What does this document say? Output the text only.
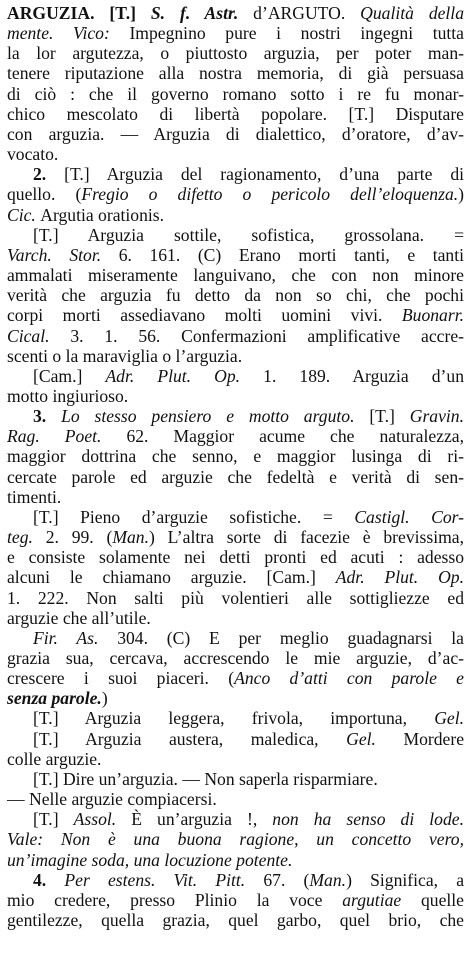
ARGUZIA. [T.] S. f. Astr. d’ARGUTO. Qualità della
mente. Vico: Impegnino pure i nostri ingegni tutta
la lor argutezza, o piuttosto arguzia, per poter man-
tenere riputazione alla nostra memoria, di già persuasa
di ciò : che il governo romano sotto i re fu monar-
chico mescolato di libertà popolare. [T.] Disputare
con arguzia. — Arguzia di dialettico, d’oratore, d’av-
vocato.
2. [T.] Arguzia del ragionamento, d’una parte di
quello. (Fregio o difetto o pericolo dell’eloquenza.)
Cic. Argutia orationis.
[T.] Arguzia sottile, sofistica, grossolana. =
Varch. Stor. 6. 161. (C) Erano morti tanti, e tanti
ammalati miseramente languivano, che con non minore
verità che arguzia fu detto da non so chi, che pochi
corpi morti assediavano molti uomini vivi. Buonarr.
Cical. 3. 1. 56. Confermazioni amplificative accre-
scenti o la maraviglia o l’arguzia.
[Cam.] Adr. Plut. Op. 1. 189. Arguzia d’un
motto ingiurioso.
3. Lo stesso pensiero e motto arguto. [T.] Gravin.
Rag. Poet. 62. Maggior acume che naturalezza,
maggior dottrina che senno, e maggior lusinga di ri-
cercate parole ed arguzie che fedeltà e verità di sen-
timenti.
[T.] Pieno d’arguzie sofistiche. = Castigl. Cor-
teg. 2. 99. (Man.) L’altra sorte di facezie è brevissima,
e consiste solamente nei detti pronti ed acuti : adesso
alcuni le chiamano arguzie. [Cam.] Adr. Plut. Op.
1. 222. Non salti più volentieri alle sottigliezze ed
arguzie che all’utile.
Fir. As. 304. (C) E per meglio guadagnarsi la
grazia sua, cercava, accrescendo le mie arguzie, d’ac-
crescere i suoi piaceri. (Anco d’atti con parole e
senza parole.)
[T.] Arguzia leggera, frivola, importuna, Gel.
[T.] Arguzia austera, maledica, Gel. Mordere
colle arguzie.
[T.] Dire un’arguzia. — Non saperla risparmiare.
— Nelle arguzie compiacersi.
[T.] Assol. È un’arguzia !, non ha senso di lode.
Vale: Non è una buona ragione, un concetto vero,
un’imagine soda, una locuzione potente.
4. Per estens. Vit. Pitt. 67. (Man.) Significa, a
mio credere, presso Plinio la voce argutiae quelle
gentilezze, quella grazia, quel garbo, quel brio, che
